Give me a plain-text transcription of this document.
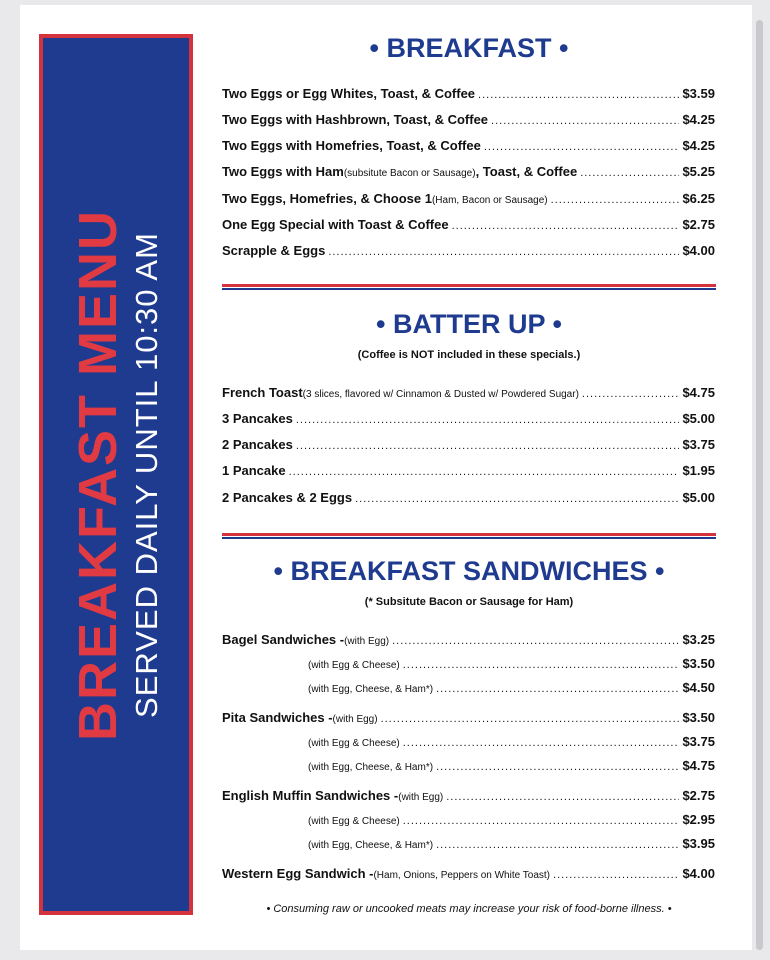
BREAKFAST MENU SERVED DAILY UNTIL 10:30 AM
• BREAKFAST •
Two Eggs or Egg Whites, Toast, & Coffee .....	$3.59
Two Eggs with Hashbrown, Toast, & Coffee .....	$4.25
Two Eggs with Homefries, Toast, & Coffee .....	$4.25
Two Eggs with Ham (subsitute Bacon or Sausage) , Toast, & Coffee .....	$5.25
Two Eggs, Homefries, & Choose 1 (Ham, Bacon or Sausage) .....	$6.25
One Egg Special with Toast & Coffee .....	$2.75
Scrapple & Eggs .....	$4.00
• BATTER UP •
(Coffee is NOT included in these specials.)
French Toast (3 slices, flavored w/ Cinnamon & Dusted w/ Powdered Sugar) .....	$4.75
3 Pancakes .....	$5.00
2 Pancakes .....	$3.75
1 Pancake .....	$1.95
2 Pancakes & 2 Eggs .....	$5.00
• BREAKFAST SANDWICHES •
(* Subsitute Bacon or Sausage for Ham)
Bagel Sandwiches - (with Egg) .....	$3.25
(with Egg & Cheese) .....	$3.50
(with Egg, Cheese, & Ham*) .....	$4.50
Pita Sandwiches - (with Egg) .....	$3.50
(with Egg & Cheese) .....	$3.75
(with Egg, Cheese, & Ham*) .....	$4.75
English Muffin Sandwiches - (with Egg) .....	$2.75
(with Egg & Cheese) .....	$2.95
(with Egg, Cheese, & Ham*) .....	$3.95
Western Egg Sandwich - (Ham, Onions, Peppers on White Toast) .....	$4.00
• Consuming raw or uncooked meats may increase your risk of food-borne illness. •
